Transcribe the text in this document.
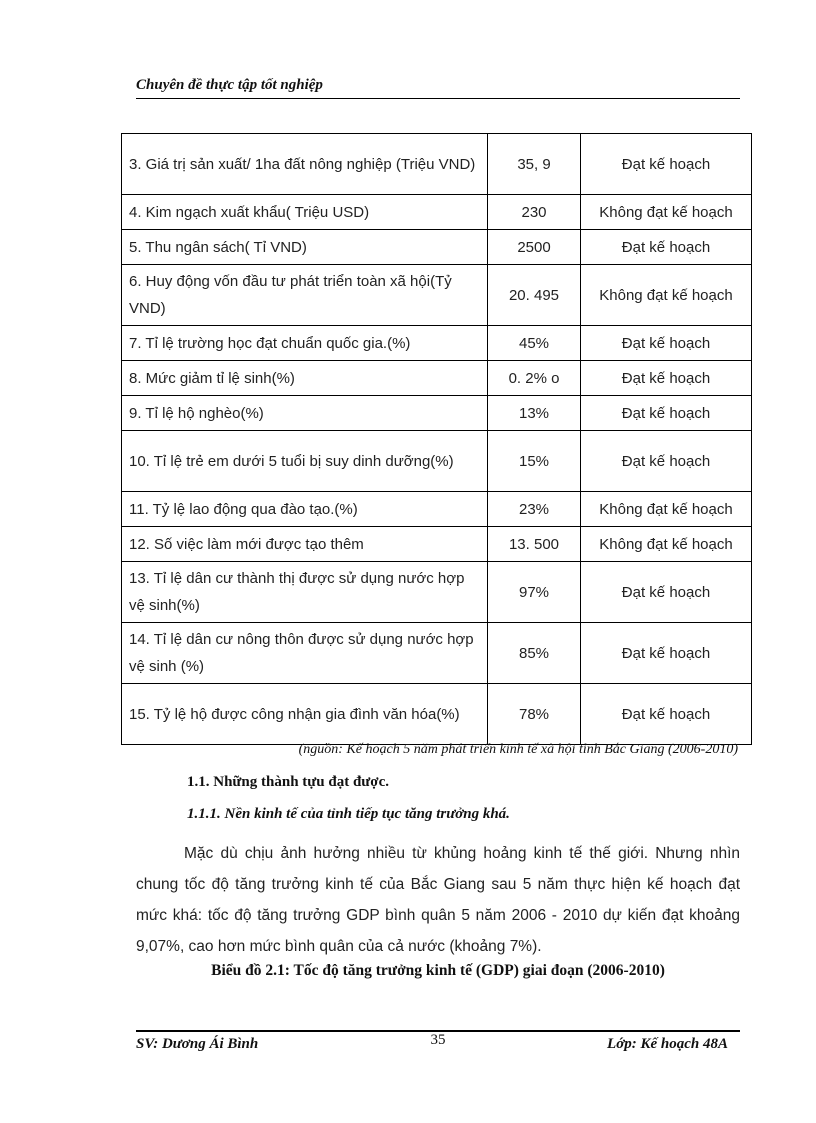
Chuyên đề thực tập tốt nghiệp
3. Giá trị sản xuất/ 1ha đất nông nghiệp (Triệu VND)	35, 9	Đạt kế hoạch
4. Kim ngạch xuất khẩu( Triệu USD)	230	Không đạt kế hoạch
5. Thu ngân sách( Tỉ VND)	2500	Đạt kế hoạch
6. Huy động vốn đầu tư phát triển toàn xã hội(Tỷ VND)	20. 495	Không đạt kế hoạch
7. Tỉ lệ trường học đạt chuẩn quốc gia.(%)	45%	Đạt kế hoạch
8. Mức giảm tỉ lệ sinh(%)	0. 2% o	Đạt kế hoạch
9. Tỉ lệ hộ nghèo(%)	13%	Đạt kế hoạch
10. Tỉ lệ trẻ em dưới 5 tuổi bị suy dinh dưỡng(%)	15%	Đạt kế hoạch
11. Tỷ lệ lao động qua đào tạo.(%)	23%	Không đạt kế hoạch
12. Số việc làm mới được tạo thêm	13. 500	Không đạt kế hoạch
13. Tỉ lệ dân cư thành thị được sử dụng nước hợp vệ sinh(%)	97%	Đạt kế hoạch
14. Tỉ lệ dân cư nông thôn được sử dụng nước hợp vệ sinh (%)	85%	Đạt kế hoạch
15. Tỷ lệ hộ được công nhận gia đình văn hóa(%)	78%	Đạt kế hoạch
(nguồn: Kế hoạch 5 năm phát triển kinh tế xã hội tỉnh Bắc Giang (2006-2010)
1.1. Những thành tựu đạt được.
1.1.1. Nền kinh tế của tỉnh tiếp tục tăng trưởng khá.
Mặc dù chịu ảnh hưởng nhiều từ khủng hoảng kinh tế thế giới. Nhưng nhìn chung tốc độ tăng trưởng kinh tế của Bắc Giang sau 5 năm thực hiện kế hoạch đạt mức khá: tốc độ tăng trưởng GDP bình quân 5 năm 2006 - 2010 dự kiến đạt khoảng 9,07%, cao hơn mức bình quân của cả nước (khoảng 7%).
Biểu đồ 2.1: Tốc độ tăng trưởng kinh tế (GDP) giai đoạn (2006-2010)
SV: Dương Ái Bình	35	Lớp: Kế hoạch 48A
